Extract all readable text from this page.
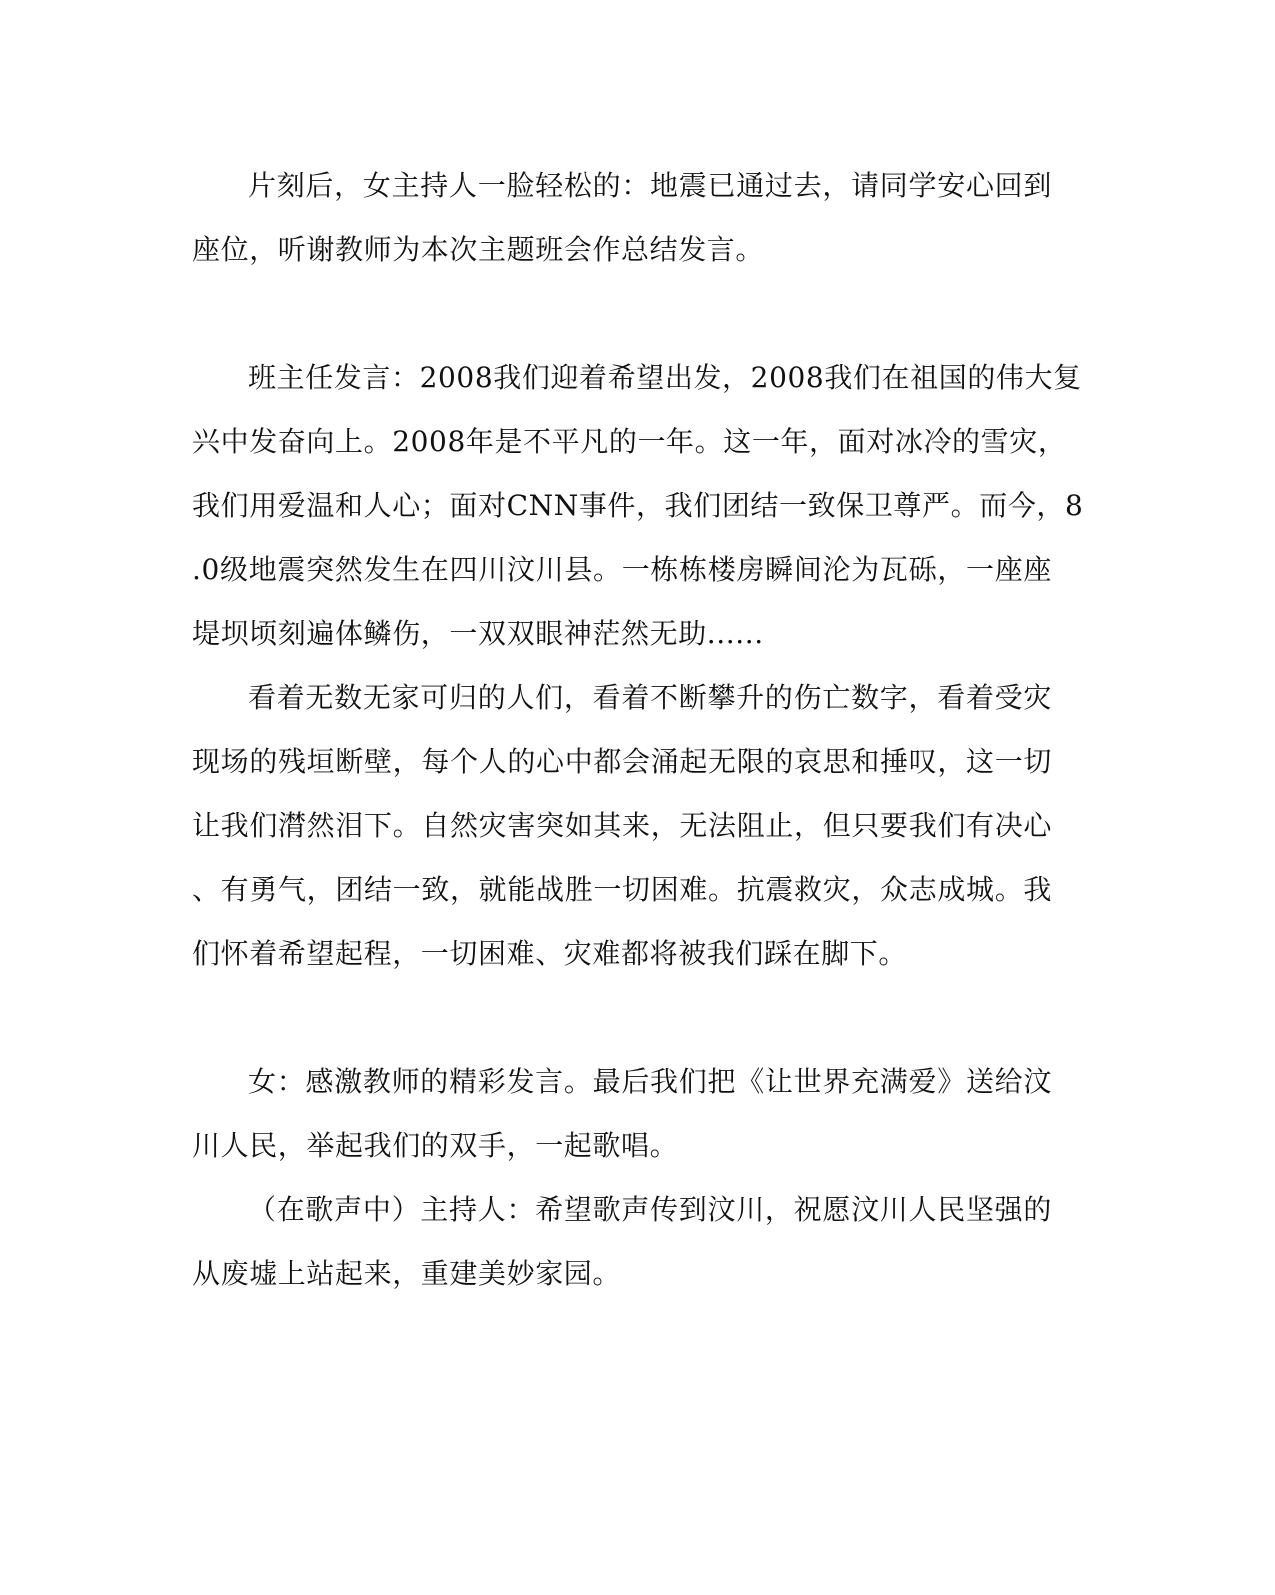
片刻后，女主持人一脸轻松的：地震已通过去，请同学安心回到
座位，听谢教师为本次主题班会作总结发言。
班主任发言：2008我们迎着希望出发，2008我们在祖国的伟大复
兴中发奋向上。2008年是不平凡的一年。这一年，面对冰冷的雪灾，
我们用爱温和人心；面对CNN事件，我们团结一致保卫尊严。而今，8
.0级地震突然发生在四川汶川县。一栋栋楼房瞬间沦为瓦砾，一座座
堤坝顷刻遍体鳞伤，一双双眼神茫然无助......
看着无数无家可归的人们，看着不断攀升的伤亡数字，看着受灾
现场的残垣断壁，每个人的心中都会涌起无限的哀思和捶叹，这一切
让我们潸然泪下。自然灾害突如其来，无法阻止，但只要我们有决心
、有勇气，团结一致，就能战胜一切困难。抗震救灾，众志成城。我
们怀着希望起程，一切困难、灾难都将被我们踩在脚下。
女：感激教师的精彩发言。最后我们把《让世界充满爱》送给汶
川人民，举起我们的双手，一起歌唱。
（在歌声中）主持人：希望歌声传到汶川，祝愿汶川人民坚强的
从废墟上站起来，重建美妙家园。
